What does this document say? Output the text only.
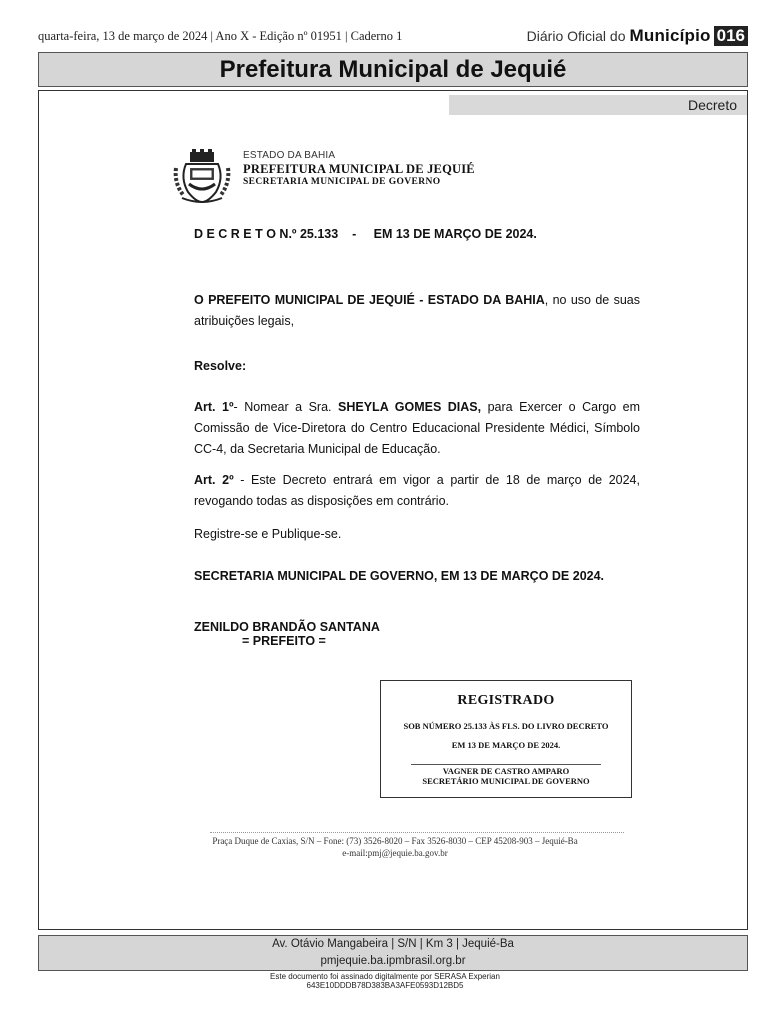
quarta-feira, 13 de março de 2024 | Ano X - Edição nº 01951 | Caderno 1	Diário Oficial do Município 016
Prefeitura Municipal de Jequié
Decreto
ESTADO DA BAHIA
PREFEITURA MUNICIPAL DE JEQUIÉ
SECRETARIA MUNICIPAL DE GOVERNO
D E C R E T O N.º 25.133    -     EM 13 DE MARÇO DE 2024.
O PREFEITO MUNICIPAL DE JEQUIÉ - ESTADO DA BAHIA, no uso de suas atribuições legais,
Resolve:
Art. 1º- Nomear a Sra. SHEYLA GOMES DIAS, para Exercer o Cargo em Comissão de Vice-Diretora do Centro Educacional Presidente Médici, Símbolo CC-4, da Secretaria Municipal de Educação.
Art. 2º - Este Decreto entrará em vigor a partir de 18 de março de 2024, revogando todas as disposições em contrário.
Registre-se e Publique-se.
SECRETARIA MUNICIPAL DE GOVERNO, EM 13 DE MARÇO DE 2024.
ZENILDO BRANDÃO SANTANA
= PREFEITO =
REGISTRADO
SOB NÚMERO 25.133 ÀS FLS. DO LIVRO DECRETO
EM 13 DE MARÇO DE 2024.
VAGNER DE CASTRO AMPARO
SECRETÁRIO MUNICIPAL DE GOVERNO
Praça Duque de Caxias, S/N – Fone: (73) 3526-8020 – Fax 3526-8030 – CEP 45208-903 – Jequié-Ba
e-mail:pmj@jequie.ba.gov.br
Av. Otávio Mangabeira | S/N | Km 3 | Jequié-Ba
pmjequie.ba.ipmbrasil.org.br
Este documento foi assinado digitalmente por SERASA Experian
643E10DDDB78D383BA3AFE0593D12BD5
